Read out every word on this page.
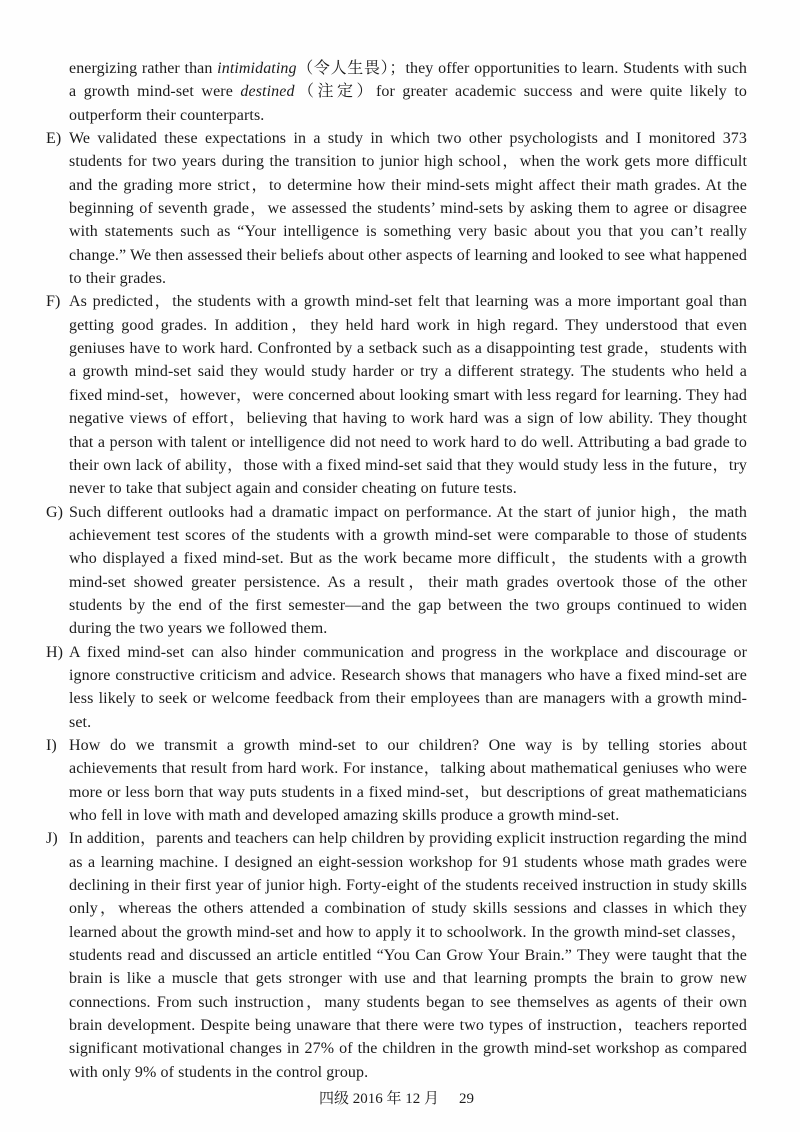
energizing rather than intimidating（令人生畏）；they offer opportunities to learn. Students with such a growth mind-set were destined（注定）for greater academic success and were quite likely to outperform their counterparts.

E) We validated these expectations in a study in which two other psychologists and I monitored 373 students for two years during the transition to junior high school，when the work gets more difficult and the grading more strict，to determine how their mind-sets might affect their math grades. At the beginning of seventh grade，we assessed the students’ mind-sets by asking them to agree or disagree with statements such as “Your intelligence is something very basic about you that you can’t really change.” We then assessed their beliefs about other aspects of learning and looked to see what happened to their grades.

F) As predicted，the students with a growth mind-set felt that learning was a more important goal than getting good grades. In addition，they held hard work in high regard. They understood that even geniuses have to work hard. Confronted by a setback such as a disappointing test grade，students with a growth mind-set said they would study harder or try a different strategy. The students who held a fixed mind-set，however，were concerned about looking smart with less regard for learning. They had negative views of effort，believing that having to work hard was a sign of low ability. They thought that a person with talent or intelligence did not need to work hard to do well. Attributing a bad grade to their own lack of ability，those with a fixed mind-set said that they would study less in the future，try never to take that subject again and consider cheating on future tests.

G) Such different outlooks had a dramatic impact on performance. At the start of junior high，the math achievement test scores of the students with a growth mind-set were comparable to those of students who displayed a fixed mind-set. But as the work became more difficult，the students with a growth mind-set showed greater persistence. As a result，their math grades overtook those of the other students by the end of the first semester—and the gap between the two groups continued to widen during the two years we followed them.

H) A fixed mind-set can also hinder communication and progress in the workplace and discourage or ignore constructive criticism and advice. Research shows that managers who have a fixed mind-set are less likely to seek or welcome feedback from their employees than are managers with a growth mind-set.

I) How do we transmit a growth mind-set to our children? One way is by telling stories about achievements that result from hard work. For instance，talking about mathematical geniuses who were more or less born that way puts students in a fixed mind-set，but descriptions of great mathematicians who fell in love with math and developed amazing skills produce a growth mind-set.

J) In addition，parents and teachers can help children by providing explicit instruction regarding the mind as a learning machine. I designed an eight-session workshop for 91 students whose math grades were declining in their first year of junior high. Forty-eight of the students received instruction in study skills only，whereas the others attended a combination of study skills sessions and classes in which they learned about the growth mind-set and how to apply it to schoolwork. In the growth mind-set classes，students read and discussed an article entitled “You Can Grow Your Brain.” They were taught that the brain is like a muscle that gets stronger with use and that learning prompts the brain to grow new connections. From such instruction，many students began to see themselves as agents of their own brain development. Despite being unaware that there were two types of instruction，teachers reported significant motivational changes in 27% of the children in the growth mind-set workshop as compared with only 9% of students in the control group.

四级 2016 年 12 月 29
